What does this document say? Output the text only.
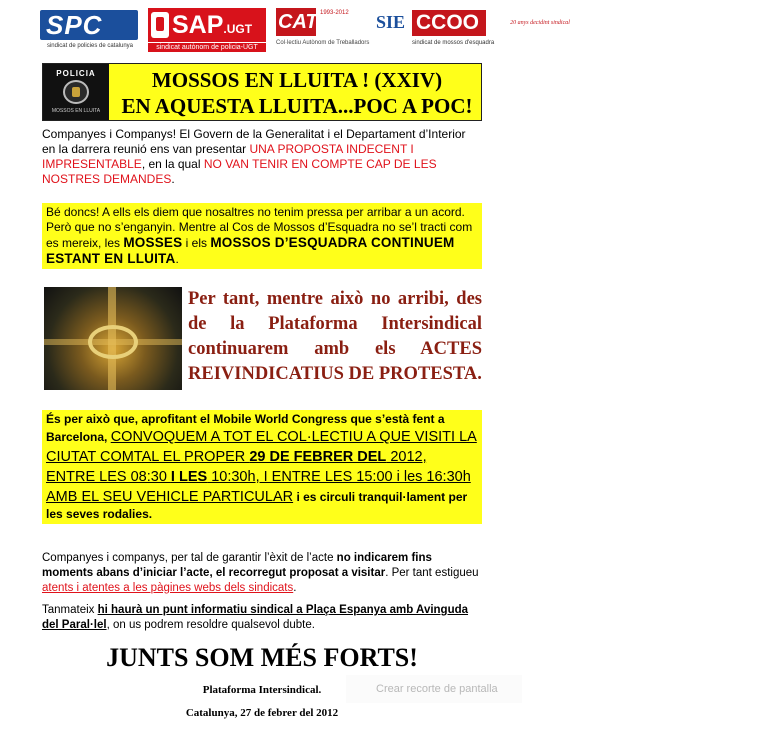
SPC
sindicat de policies de catalunya
SAP.UGT
sindicat autònom de policia-UGT
CAT 1993-2012
20 anys decidint sindical
Col·lectiu Autònom de Treballadors
SIE CCOO
sindicat de mossos d'esquadra
POLICIA
MOSSOS EN LLUITA
MOSSOS EN LLUITA ! (XXIV)
EN AQUESTA LLUITA...POC A POC!
Companyes i Companys! El Govern de la Generalitat i el Departament d’Interior en la darrera reunió ens van presentar UNA PROPOSTA INDECENT I IMPRESENTABLE, en la qual NO VAN TENIR EN COMPTE CAP DE LES NOSTRES DEMANDES.
Bé doncs! A ells els diem que nosaltres no tenim pressa per arribar a un acord. Però que no s’enganyin. Mentre al Cos de Mossos d’Esquadra no se’l tracti com es mereix, les MOSSES i els MOSSOS D’ESQUADRA CONTINUEM ESTANT EN LLUITA.
Per tant, mentre això no arribi, des de la Plataforma Intersindical continuarem amb els ACTES REIVINDICATIUS DE PROTESTA.
És per això que, aprofitant el Mobile World Congress que s’està fent a Barcelona, CONVOQUEM A TOT EL COL·LECTIU A QUE VISITI LA CIUTAT COMTAL EL PROPER 29 DE FEBRER DEL 2012, ENTRE LES 08:30 I LES 10:30h, I ENTRE LES 15:00 i les 16:30h AMB EL SEU VEHICLE PARTICULAR i es circuli tranquil·lament per les seves rodalies.
Companyes i companys, per tal de garantir l’èxit de l’acte no indicarem fins moments abans d’iniciar l’acte, el recorregut proposat a visitar. Per tant estigueu atents i atentes a les pàgines webs dels sindicats.
Tanmateix hi haurà un punt informatiu sindical a Plaça Espanya amb Avinguda del Paral·lel, on us podrem resoldre qualsevol dubte.
JUNTS SOM MÉS FORTS!
Plataforma Intersindical.
Catalunya, 27 de febrer del 2012
Crear recorte de pantalla
